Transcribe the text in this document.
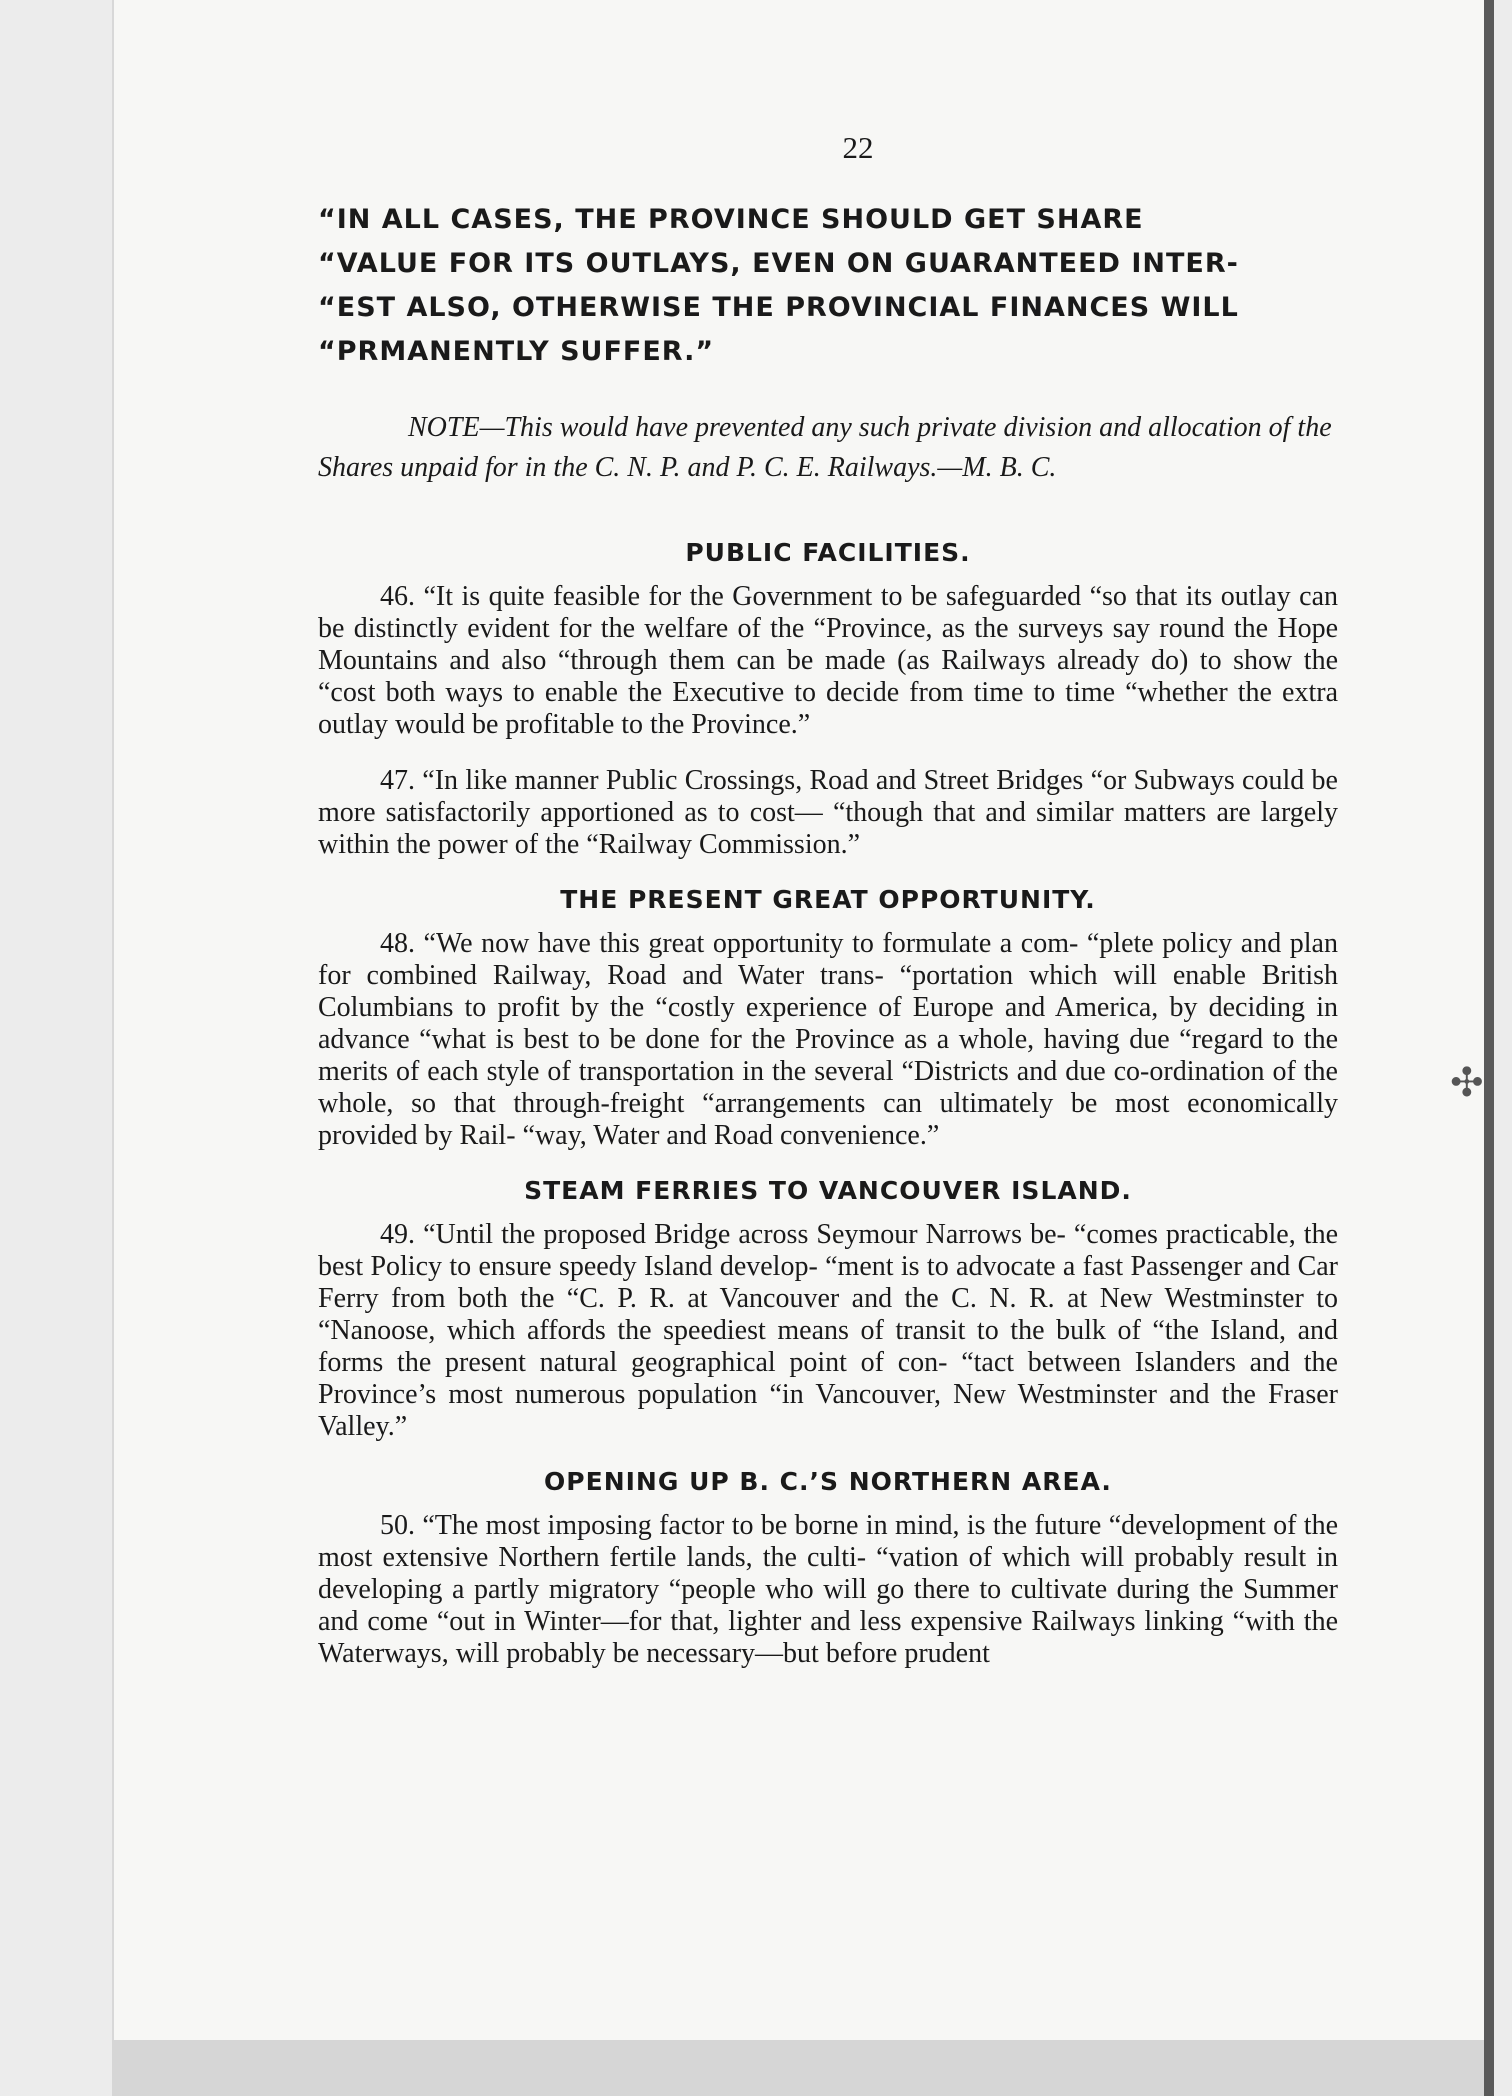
✣
22
“IN ALL CASES, THE PROVINCE SHOULD GET SHARE
“VALUE FOR ITS OUTLAYS, EVEN ON GUARANTEED INTER-
“EST ALSO, OTHERWISE THE PROVINCIAL FINANCES WILL
“PRMANENTLY SUFFER.”
NOTE—This would have prevented any such private division and allocation of the Shares unpaid for in the C. N. P. and P. C. E. Railways.—M. B. C.
PUBLIC FACILITIES.

46. “It is quite feasible for the Government to be safeguarded “so that its outlay can be distinctly evident for the welfare of the “Province, as the surveys say round the Hope Mountains and also “through them can be made (as Railways already do) to show the “cost both ways to enable the Executive to decide from time to time “whether the extra outlay would be profitable to the Province.”

47. “In like manner Public Crossings, Road and Street Bridges “or Subways could be more satisfactorily apportioned as to cost— “though that and similar matters are largely within the power of the “Railway Commission.”

THE PRESENT GREAT OPPORTUNITY.

48. “We now have this great opportunity to formulate a com- “plete policy and plan for combined Railway, Road and Water trans- “portation which will enable British Columbians to profit by the “costly experience of Europe and America, by deciding in advance “what is best to be done for the Province as a whole, having due “regard to the merits of each style of transportation in the several “Districts and due co-ordination of the whole, so that through-freight “arrangements can ultimately be most economically provided by Rail- “way, Water and Road convenience.”

STEAM FERRIES TO VANCOUVER ISLAND.

49. “Until the proposed Bridge across Seymour Narrows be- “comes practicable, the best Policy to ensure speedy Island develop- “ment is to advocate a fast Passenger and Car Ferry from both the “C. P. R. at Vancouver and the C. N. R. at New Westminster to “Nanoose, which affords the speediest means of transit to the bulk of “the Island, and forms the present natural geographical point of con- “tact between Islanders and the Province’s most numerous population “in Vancouver, New Westminster and the Fraser Valley.”

OPENING UP B. C.’S NORTHERN AREA.

50. “The most imposing factor to be borne in mind, is the future “development of the most extensive Northern fertile lands, the culti- “vation of which will probably result in developing a partly migratory “people who will go there to cultivate during the Summer and come “out in Winter—for that, lighter and less expensive Railways linking “with the Waterways, will probably be necessary—but before prudent
